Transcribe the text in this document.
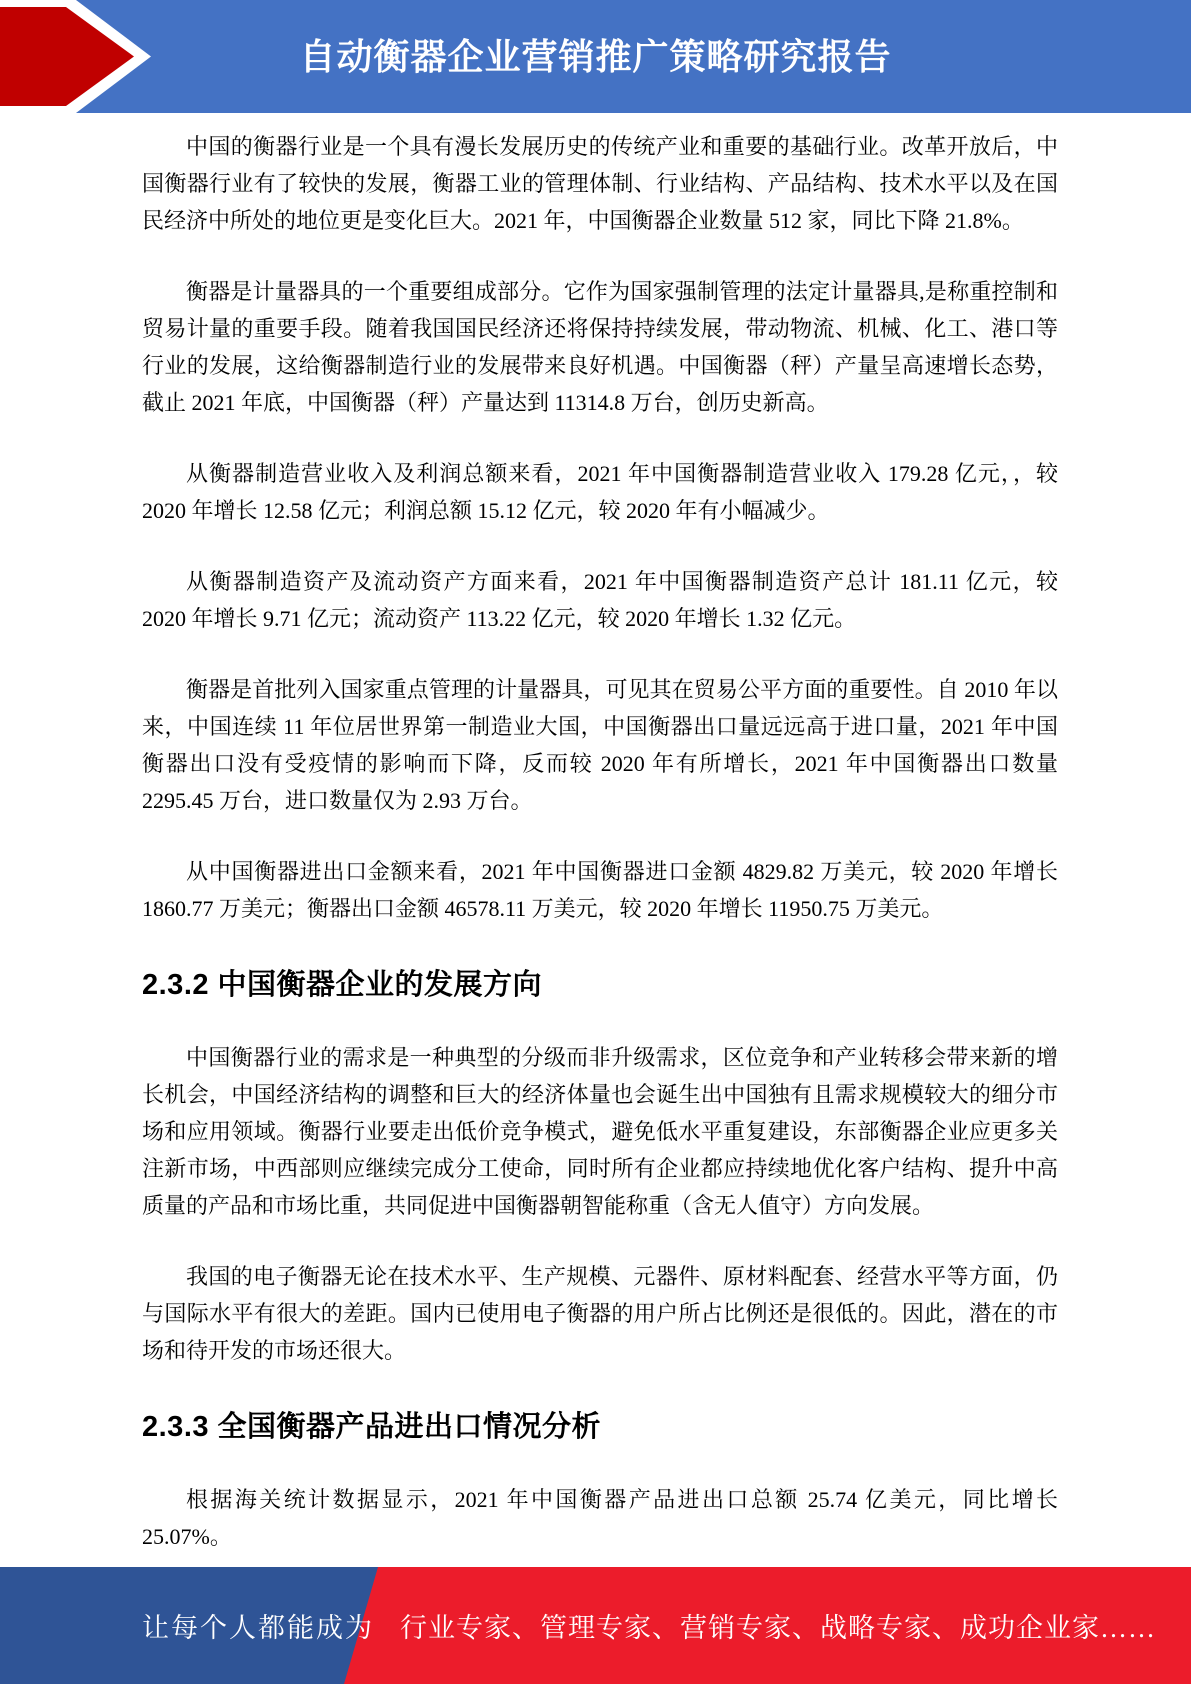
自动衡器企业营销推广策略研究报告

中国的衡器行业是一个具有漫长发展历史的传统产业和重要的基础行业。改革开放后，中国衡器行业有了较快的发展，衡器工业的管理体制、行业结构、产品结构、技术水平以及在国民经济中所处的地位更是变化巨大。2021 年，中国衡器企业数量 512 家，同比下降 21.8%。

衡器是计量器具的一个重要组成部分。它作为国家强制管理的法定计量器具,是称重控制和贸易计量的重要手段。随着我国国民经济还将保持持续发展，带动物流、机械、化工、港口等行业的发展，这给衡器制造行业的发展带来良好机遇。中国衡器（秤）产量呈高速增长态势，截止 2021 年底，中国衡器（秤）产量达到 11314.8 万台，创历史新高。

从衡器制造营业收入及利润总额来看，2021 年中国衡器制造营业收入 179.28 亿元，，较 2020 年增长 12.58 亿元；利润总额 15.12 亿元，较 2020 年有小幅减少。

从衡器制造资产及流动资产方面来看，2021 年中国衡器制造资产总计 181.11 亿元，较 2020 年增长 9.71 亿元；流动资产 113.22 亿元，较 2020 年增长 1.32 亿元。

衡器是首批列入国家重点管理的计量器具，可见其在贸易公平方面的重要性。自 2010 年以来，中国连续 11 年位居世界第一制造业大国，中国衡器出口量远远高于进口量，2021 年中国衡器出口没有受疫情的影响而下降，反而较 2020 年有所增长，2021 年中国衡器出口数量 2295.45 万台，进口数量仅为 2.93 万台。

从中国衡器进出口金额来看，2021 年中国衡器进口金额 4829.82 万美元，较 2020 年增长 1860.77 万美元；衡器出口金额 46578.11 万美元，较 2020 年增长 11950.75 万美元。

2.3.2 中国衡器企业的发展方向

中国衡器行业的需求是一种典型的分级而非升级需求，区位竞争和产业转移会带来新的增长机会，中国经济结构的调整和巨大的经济体量也会诞生出中国独有且需求规模较大的细分市场和应用领域。衡器行业要走出低价竞争模式，避免低水平重复建设，东部衡器企业应更多关注新市场，中西部则应继续完成分工使命，同时所有企业都应持续地优化客户结构、提升中高质量的产品和市场比重，共同促进中国衡器朝智能称重（含无人值守）方向发展。

我国的电子衡器无论在技术水平、生产规模、元器件、原材料配套、经营水平等方面，仍与国际水平有很大的差距。国内已使用电子衡器的用户所占比例还是很低的。因此，潜在的市场和待开发的市场还很大。

2.3.3 全国衡器产品进出口情况分析

根据海关统计数据显示，2021 年中国衡器产品进出口总额 25.74 亿美元，同比增长 25.07%。

让每个人都能成为 行业专家、管理专家、营销专家、战略专家、成功企业家……
